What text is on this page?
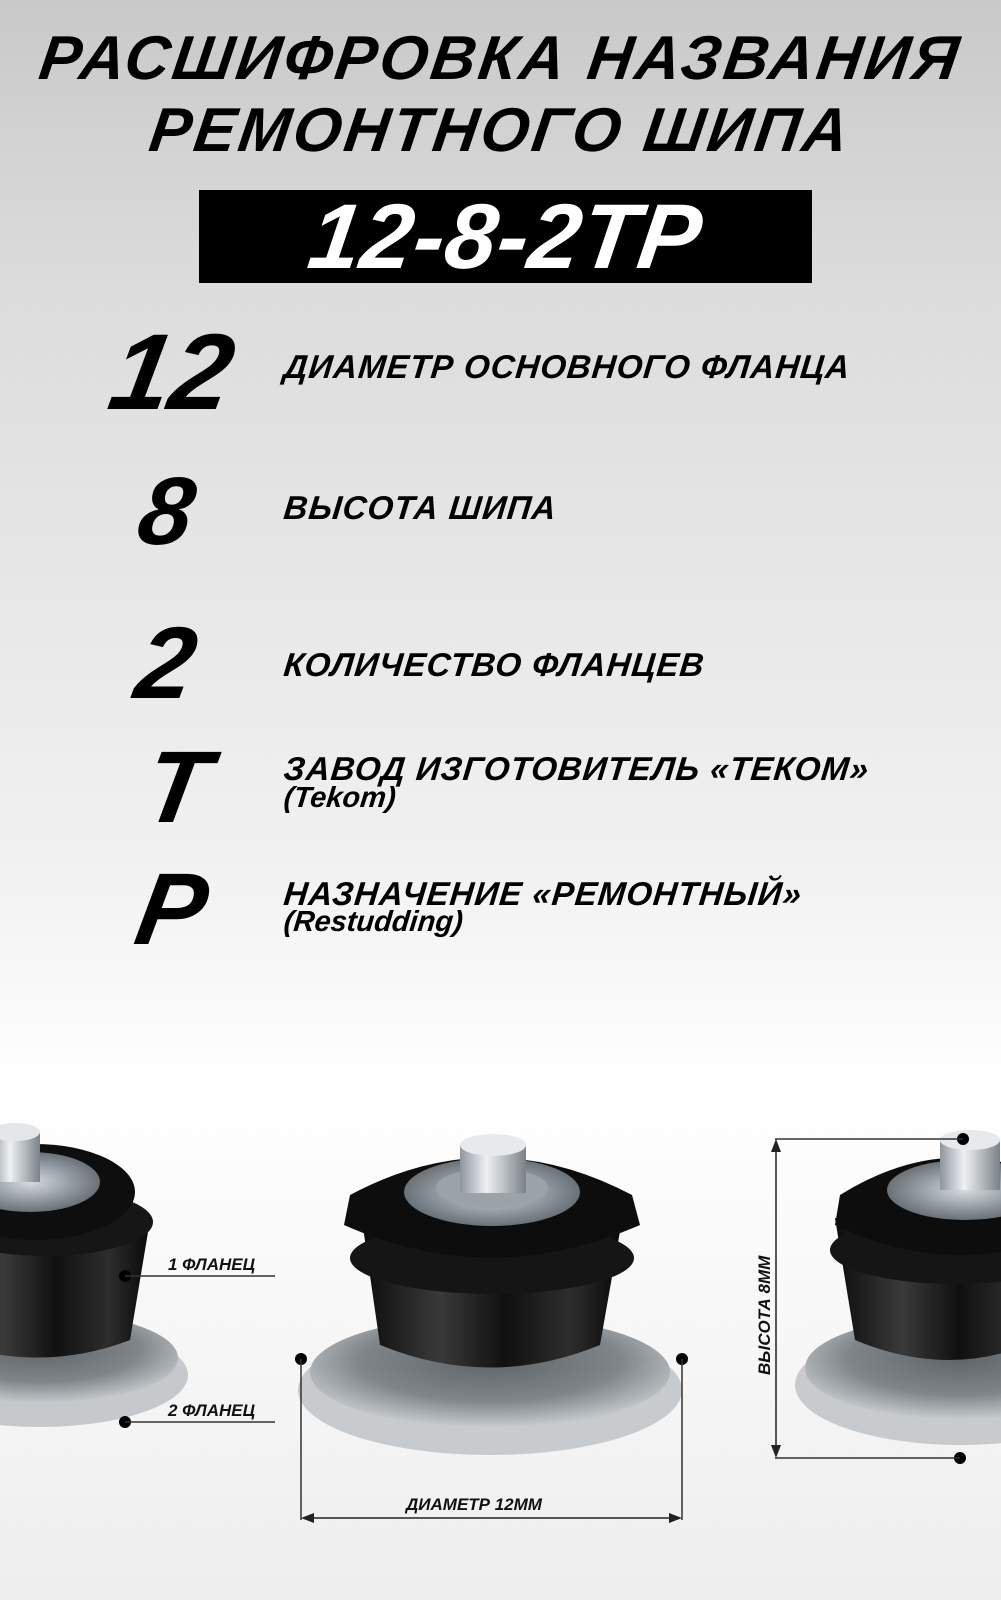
РАСШИФРОВКА НАЗВАНИЯ
РЕМОНТНОГО ШИПА
12-8-2ТР
12 ДИАМЕТР ОСНОВНОГО ФЛАНЦА
8 ВЫСОТА ШИПА
2 КОЛИЧЕСТВО ФЛАНЦЕВ
Т ЗАВОД ИЗГОТОВИТЕЛЬ «ТЕКОМ»
(Tekom)
Р НАЗНАЧЕНИЕ «РЕМОНТНЫЙ»
(Restudding)
1 ФЛАНЕЦ
2 ФЛАНЕЦ
ДИАМЕТР 12ММ
ВЫСОТА 8ММ
